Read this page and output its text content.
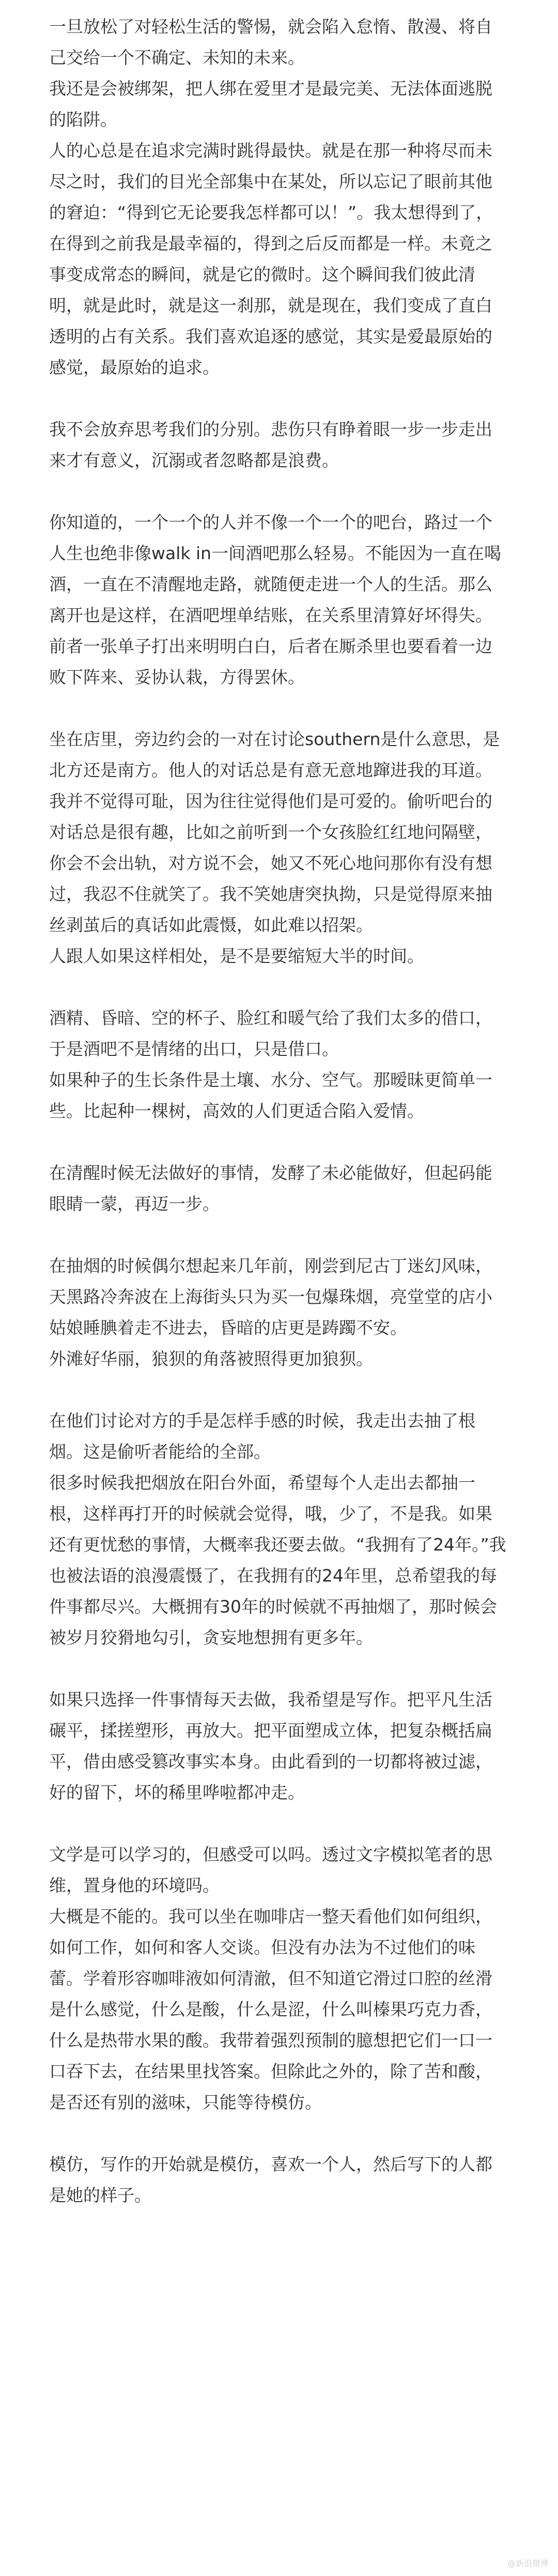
一旦放松了对轻松生活的警惕，就会陷入怠惰、散漫、将自己交给一个不确定、未知的未来。

我还是会被绑架，把人绑在爱里才是最完美、无法体面逃脱的陷阱。

人的心总是在追求完满时跳得最快。就是在那一种将尽而未尽之时，我们的目光全部集中在某处，所以忘记了眼前其他的窘迫：“得到它无论要我怎样都可以！”。我太想得到了，在得到之前我是最幸福的，得到之后反而都是一样。未竟之事变成常态的瞬间，就是它的微时。这个瞬间我们彼此清明，就是此时，就是这一刹那，就是现在，我们变成了直白透明的占有关系。我们喜欢追逐的感觉，其实是爱最原始的感觉，最原始的追求。

我不会放弃思考我们的分别。悲伤只有睁着眼一步一步走出来才有意义，沉溺或者忽略都是浪费。

你知道的，一个一个的人并不像一个一个的吧台，路过一个人生也绝非像walk in一间酒吧那么轻易。不能因为一直在喝酒，一直在不清醒地走路，就随便走进一个人的生活。那么离开也是这样，在酒吧埋单结账，在关系里清算好坏得失。前者一张单子打出来明明白白，后者在厮杀里也要看着一边败下阵来、妥协认栽，方得罢休。

坐在店里，旁边约会的一对在讨论southern是什么意思，是北方还是南方。他人的对话总是有意无意地蹿进我的耳道。我并不觉得可耻，因为往往觉得他们是可爱的。偷听吧台的对话总是很有趣，比如之前听到一个女孩脸红红地问隔壁，你会不会出轨，对方说不会，她又不死心地问那你有没有想过，我忍不住就笑了。我不笑她唐突执拗，只是觉得原来抽丝剥茧后的真话如此震慑，如此难以招架。

人跟人如果这样相处，是不是要缩短大半的时间。

酒精、昏暗、空的杯子、脸红和暖气给了我们太多的借口，于是酒吧不是情绪的出口，只是借口。

如果种子的生长条件是土壤、水分、空气。那暧昧更简单一些。比起种一棵树，高效的人们更适合陷入爱情。

在清醒时候无法做好的事情，发酵了未必能做好，但起码能眼睛一蒙，再迈一步。

在抽烟的时候偶尔想起来几年前，刚尝到尼古丁迷幻风味，天黑路冷奔波在上海街头只为买一包爆珠烟，亮堂堂的店小姑娘睡腆着走不进去，昏暗的店更是踌躅不安。

外滩好华丽，狼狈的角落被照得更加狼狈。

在他们讨论对方的手是怎样手感的时候，我走出去抽了根烟。这是偷听者能给的全部。

很多时候我把烟放在阳台外面，希望每个人走出去都抽一根，这样再打开的时候就会觉得，哦，少了，不是我。如果还有更忧愁的事情，大概率我还要去做。“我拥有了24年。”我也被法语的浪漫震慑了，在我拥有的24年里，总希望我的每件事都尽兴。大概拥有30年的时候就不再抽烟了，那时候会被岁月狡猾地勾引，贪妄地想拥有更多年。

如果只选择一件事情每天去做，我希望是写作。把平凡生活碾平，揉搓塑形，再放大。把平面塑成立体，把复杂概括扁平，借由感受篡改事实本身。由此看到的一切都将被过滤，好的留下，坏的稀里哗啦都冲走。

文学是可以学习的，但感受可以吗。透过文字模拟笔者的思维，置身他的环境吗。

大概是不能的。我可以坐在咖啡店一整天看他们如何组织，如何工作，如何和客人交谈。但没有办法为不过他们的味蕾。学着形容咖啡液如何清澈，但不知道它滑过口腔的丝滑是什么感觉，什么是酸，什么是涩，什么叫榛果巧克力香，什么是热带水果的酸。我带着强烈预制的臆想把它们一口一口吞下去，在结果里找答案。但除此之外的，除了苦和酸，是否还有别的滋味，只能等待模仿。

模仿，写作的开始就是模仿，喜欢一个人，然后写下的人都是她的样子。

@新浪微博
